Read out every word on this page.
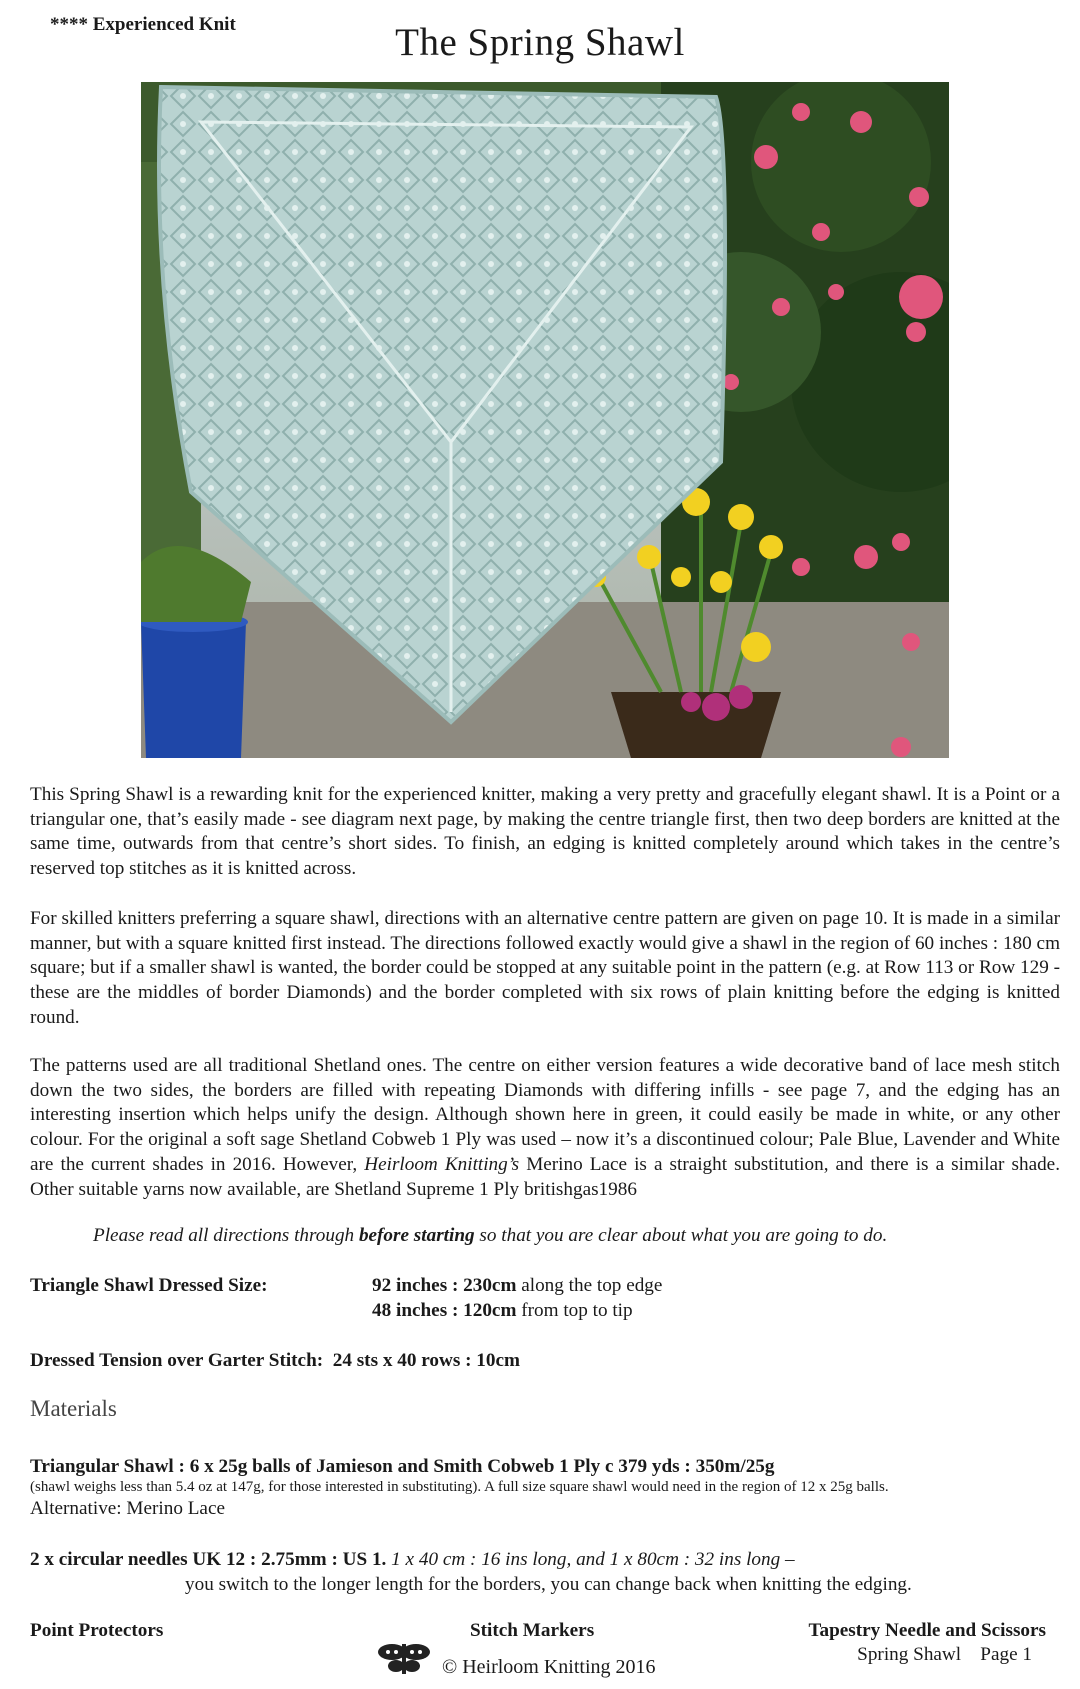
**** Experienced Knit	The Spring Shawl

This Spring Shawl is a rewarding knit for the experienced knitter, making a very pretty and gracefully elegant shawl. It is a Point or a triangular one, that’s easily made - see diagram next page, by making the centre triangle first, then two deep borders are knitted at the same time, outwards from that centre’s short sides. To finish, an edging is knitted completely around which takes in the centre’s reserved top stitches as it is knitted across.

For skilled knitters preferring a square shawl, directions with an alternative centre pattern are given on page 10. It is made in a similar manner, but with a square knitted first instead. The directions followed exactly would give a shawl in the region of 60 inches : 180 cm square; but if a smaller shawl is wanted, the border could be stopped at any suitable point in the pattern (e.g. at Row 113 or Row 129 - these are the middles of border Diamonds) and the border completed with six rows of plain knitting before the edging is knitted round.

The patterns used are all traditional Shetland ones. The centre on either version features a wide decorative band of lace mesh stitch down the two sides, the borders are filled with repeating Diamonds with differing infills - see page 7, and the edging has an interesting insertion which helps unify the design. Although shown here in green, it could easily be made in white, or any other colour. For the original a soft sage Shetland Cobweb 1 Ply was used – now it’s a discontinued colour; Pale Blue, Lavender and White are the current shades in 2016. However, Heirloom Knitting’s Merino Lace is a straight substitution, and there is a similar shade. Other suitable yarns now available, are Shetland Supreme 1 Ply britishgas1986

Please read all directions through before starting so that you are clear about what you are going to do.
Triangle Shawl Dressed Size:	92 inches : 230cm along the top edge
48 inches : 120cm from top to tip
Dressed Tension over Garter Stitch: 24 sts x 40 rows : 10cm
Materials
Triangular Shawl : 6 x 25g balls of Jamieson and Smith Cobweb 1 Ply c 379 yds : 350m/25g
(shawl weighs less than 5.4 oz at 147g, for those interested in substituting). A full size square shawl would need in the region of 12 x 25g balls.
Alternative: Merino Lace
2 x circular needles UK 12 : 2.75mm : US 1. 1 x 40 cm : 16 ins long, and 1 x 80cm : 32 ins long –
you switch to the longer length for the borders, you can change back when knitting the edging.
Point Protectors	Stitch Markers	Tapestry Needle and Scissors
© Heirloom Knitting 2016
Spring Shawl    Page 1
